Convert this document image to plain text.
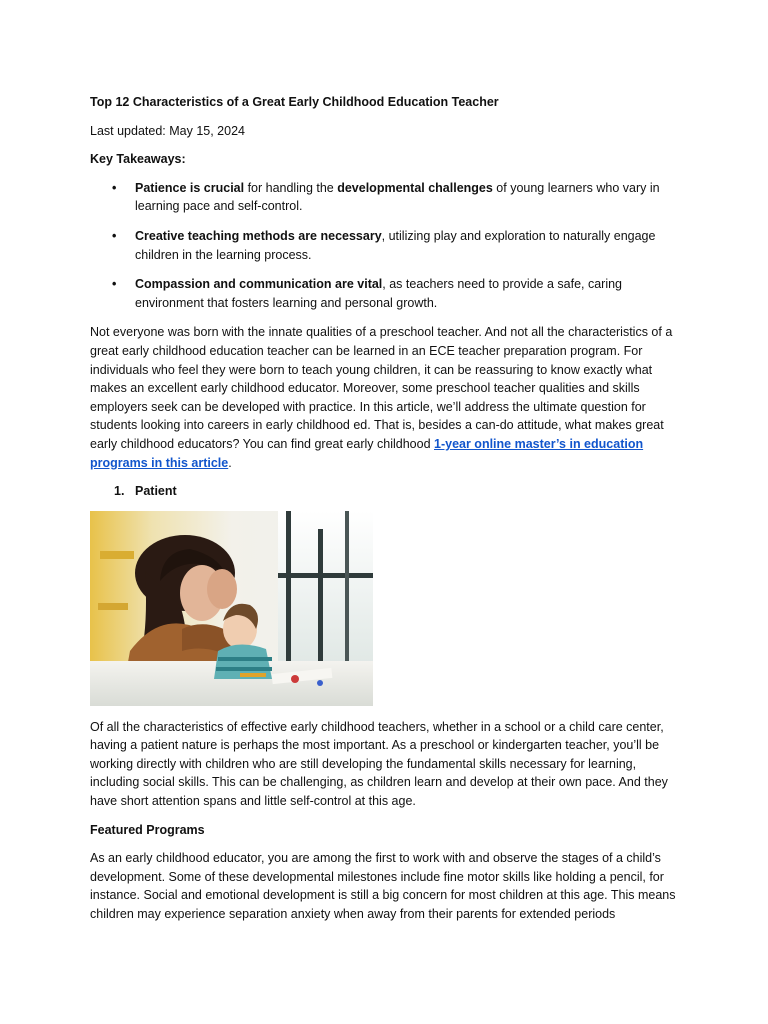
Top 12 Characteristics of a Great Early Childhood Education Teacher

Last updated: May 15, 2024

Key Takeaways:

• Patience is crucial for handling the developmental challenges of young learners who vary in learning pace and self-control.
• Creative teaching methods are necessary, utilizing play and exploration to naturally engage children in the learning process.
• Compassion and communication are vital, as teachers need to provide a safe, caring environment that fosters learning and personal growth.

Not everyone was born with the innate qualities of a preschool teacher. And not all the characteristics of a great early childhood education teacher can be learned in an ECE teacher preparation program. For individuals who feel they were born to teach young children, it can be reassuring to know exactly what makes an excellent early childhood educator. Moreover, some preschool teacher qualities and skills employers seek can be developed with practice. In this article, we’ll address the ultimate question for students looking into careers in early childhood ed. That is, besides a can-do attitude, what makes great early childhood educators? You can find great early childhood 1-year online master’s in education programs in this article.

1. Patient

Of all the characteristics of effective early childhood teachers, whether in a school or a child care center, having a patient nature is perhaps the most important. As a preschool or kindergarten teacher, you’ll be working directly with children who are still developing the fundamental skills necessary for learning, including social skills. This can be challenging, as children learn and develop at their own pace. And they have short attention spans and little self-control at this age.

Featured Programs

As an early childhood educator, you are among the first to work with and observe the stages of a child’s development. Some of these developmental milestones include fine motor skills like holding a pencil, for instance. Social and emotional development is still a big concern for most children at this age. This means children may experience separation anxiety when away from their parents for extended periods
